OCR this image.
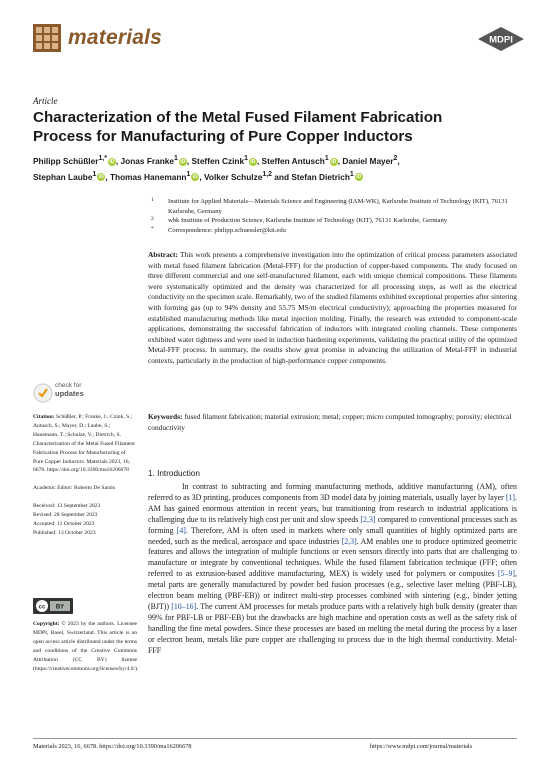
materials	MDPI
Article
Characterization of the Metal Fused Filament Fabrication Process for Manufacturing of Pure Copper Inductors
Philipp Schüßler$^{1,*}$ iD , Jonas Franke$^1$ iD , Steffen Czink$^1$ iD , Steffen Antusch$^1$ iD , Daniel Mayer$^2$,
Stephan Laube$^1$ iD , Thomas Hanemann$^1$ iD , Volker Schulze$^{1,2}$ and Stefan Dietrich$^1$ iD
1 Institute for Applied Materials—Materials Science and Engineering (IAM-WK), Karlsruhe Institute of Technology (KIT), 76131 Karlsruhe, Germany
2 wbk Institute of Production Science, Karlsruhe Institute of Technology (KIT), 76131 Karlsruhe, Germany
* Correspondence: philipp.schuessler@kit.edu
Abstract: This work presents a comprehensive investigation into the optimization of critical process parameters associated with metal fused filament fabrication (Metal-FFF) for the production of copper-based components. The study focused on three different commercial and one self-manufactured filament, each with unique chemical compositions. These filaments were systematically optimized and the density was characterized for all processing steps, as well as the electrical conductivity on the specimen scale. Remarkably, two of the studied filaments exhibited exceptional properties after sintering with forming gas (up to 94% density and 55.75 MS/m electrical conductivity); approaching the properties measured for established manufacturing methods like metal injection molding. Finally, the research was extended to component-scale applications, demonstrating the successful fabrication of inductors with integrated cooling channels. These components exhibited water tightness and were used in induction hardening experiments, validating the practical utility of the optimized Metal-FFF process. In summary, the results show great promise in advancing the utilization of Metal-FFF in industrial contexts, particularly in the production of high-performance copper components.
Keywords: fused filament fabrication; material extrusion; metal; copper; micro computed tomography; porosity; electrical conductivity
check for
updates

Citation: Schüßler, P.; Franke, J.; Czink, S.; Antusch, S.; Mayer, D.; Laube, S.; Hanemann, T.; Schulze, V.; Dietrich, S. Characterization of the Metal Fused Filament Fabrication Process for Manufacturing of Pure Copper Inductors. Materials 2023, 16, 6678. https://doi.org/10.3390/ma16206678

Academic Editor: Roberto De Santis

Received: 13 September 2023

Revised: 28 September 2023

Accepted: 11 October 2023

Published: 13 October 2023

cc BY
Copyright: © 2023 by the authors. Licensee MDPI, Basel, Switzerland. This article is an open access article distributed under the terms and conditions of the Creative Commons Attribution (CC BY) license (https://creativecommons.org/licenses/by/4.0/).
1. Introduction
In contrast to subtracting and forming manufacturing methods, additive manufacturing (AM), often referred to as 3D printing, produces components from 3D model data by joining materials, usually layer by layer [1]. AM has gained enormous attention in recent years, but transitioning from research to industrial applications is challenging due to its relatively high cost per unit and slow speeds [2,3] compared to conventional processes such as forming [4]. Therefore, AM is often used in markets where only small quantities of highly optimized parts are needed, such as the medical, aerospace and space industries [2,3]. AM enables one to produce optimized geometric features and allows the integration of multiple functions or even sensors directly into parts that are challenging to manufacture or integrate by conventional techniques. While the fused filament fabrication technique (FFF; often referred to as extrusion-based additive manufacturing, MEX) is widely used for polymers or composites [5–9], metal parts are generally manufactured by powder bed fusion processes (e.g., selective laser melting (PBF-LB), electron beam melting (PBF-EB)) or indirect multi-step processes combined with sintering (e.g., binder jetting (BJT)) [10–16]. The current AM processes for metals produce parts with a relatively high bulk density (greater than 99% for PBF-LB or PBF-EB) but the drawbacks are high machine and operation costs as well as the safety risk of handling the fine metal powders. Since these processes are based on melting the metal during the process by a laser or electron beam, metals like pure copper are challenging to process due to the high thermal conductivity. Metal-FFF
Materials 2023, 16, 6678. https://doi.org/10.3390/ma16206678	https://www.mdpi.com/journal/materials
